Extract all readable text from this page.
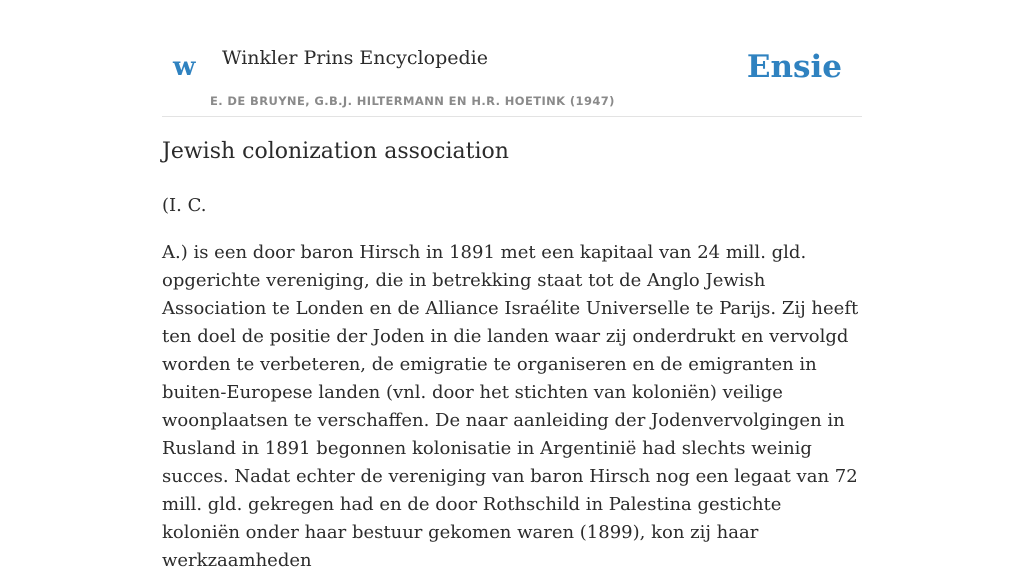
w Winkler Prins Encyclopedie
E. DE BRUYNE, G.B.J. HILTERMANN EN H.R. HOETINK (1947)
Ensie
Jewish colonization association

(I. C.

A.) is een door baron Hirsch in 1891 met een kapitaal van 24 mill. gld. opgerichte vereniging, die in betrekking staat tot de Anglo Jewish Association te Londen en de Alliance Israélite Universelle te Parijs. Zij heeft ten doel de positie der Joden in die landen waar zij onderdrukt en vervolgd worden te verbeteren, de emigratie te organiseren en de emigranten in buiten-Europese landen (vnl. door het stichten van koloniën) veilige woonplaatsen te verschaffen. De naar aanleiding der Jodenvervolgingen in Rusland in 1891 begonnen kolonisatie in Argentinië had slechts weinig succes. Nadat echter de vereniging van baron Hirsch nog een legaat van 72 mill. gld. gekregen had en de door Rothschild in Palestina gestichte koloniën onder haar bestuur gekomen waren (1899), kon zij haar werkzaamheden
